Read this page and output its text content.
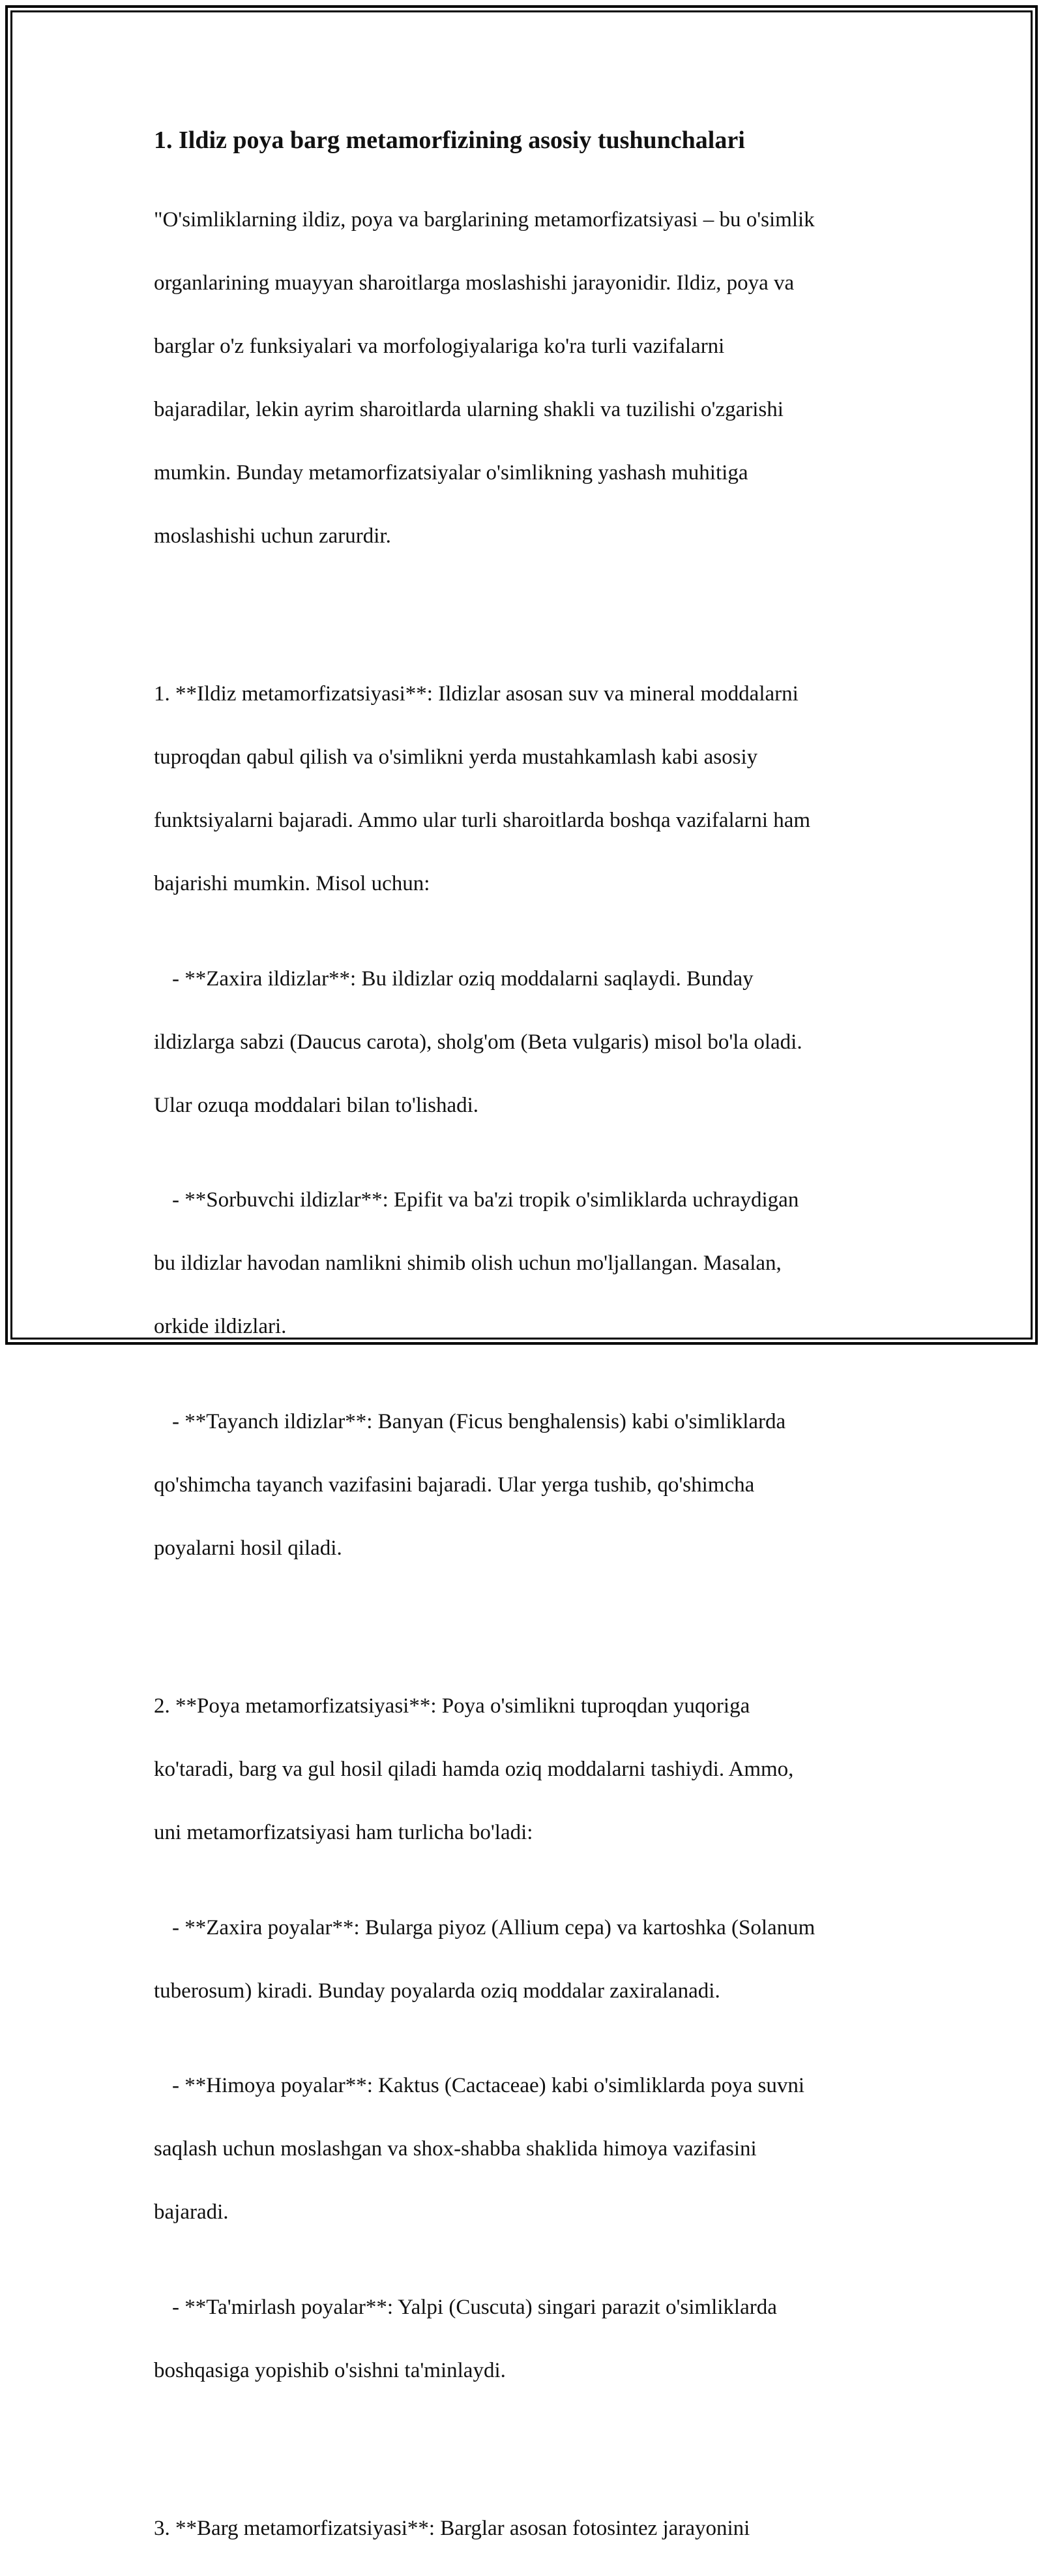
1. Ildiz poya barg metamorfizining asosiy tushunchalari

"O'simliklarning ildiz, poya va barglarining metamorfizatsiyasi – bu o'simlik

organlarining muayyan sharoitlarga moslashishi jarayonidir. Ildiz, poya va

barglar o'z funksiyalari va morfologiyalariga ko'ra turli vazifalarni

bajaradilar, lekin ayrim sharoitlarda ularning shakli va tuzilishi o'zgarishi

mumkin. Bunday metamorfizatsiyalar o'simlikning yashash muhitiga

moslashishi uchun zarurdir.

1. **Ildiz metamorfizatsiyasi**: Ildizlar asosan suv va mineral moddalarni

tuproqdan qabul qilish va o'simlikni yerda mustahkamlash kabi asosiy

funktsiyalarni bajaradi. Ammo ular turli sharoitlarda boshqa vazifalarni ham

bajarishi mumkin. Misol uchun:

- **Zaxira ildizlar**: Bu ildizlar oziq moddalarni saqlaydi. Bunday

ildizlarga sabzi (Daucus carota), sholg'om (Beta vulgaris) misol bo'la oladi.

Ular ozuqa moddalari bilan to'lishadi.

- **Sorbuvchi ildizlar**: Epifit va ba'zi tropik o'simliklarda uchraydigan

bu ildizlar havodan namlikni shimib olish uchun mo'ljallangan. Masalan,

orkide ildizlari.

- **Tayanch ildizlar**: Banyan (Ficus benghalensis) kabi o'simliklarda

qo'shimcha tayanch vazifasini bajaradi. Ular yerga tushib, qo'shimcha

poyalarni hosil qiladi.

2. **Poya metamorfizatsiyasi**: Poya o'simlikni tuproqdan yuqoriga

ko'taradi, barg va gul hosil qiladi hamda oziq moddalarni tashiydi. Ammo,

uni metamorfizatsiyasi ham turlicha bo'ladi:

- **Zaxira poyalar**: Bularga piyoz (Allium cepa) va kartoshka (Solanum

tuberosum) kiradi. Bunday poyalarda oziq moddalar zaxiralanadi.

- **Himoya poyalar**: Kaktus (Cactaceae) kabi o'simliklarda poya suvni

saqlash uchun moslashgan va shox-shabba shaklida himoya vazifasini

bajaradi.

- **Ta'mirlash poyalar**: Yalpi (Cuscuta) singari parazit o'simliklarda

boshqasiga yopishib o'sishni ta'minlaydi.

3. **Barg metamorfizatsiyasi**: Barglar asosan fotosintez jarayonini
